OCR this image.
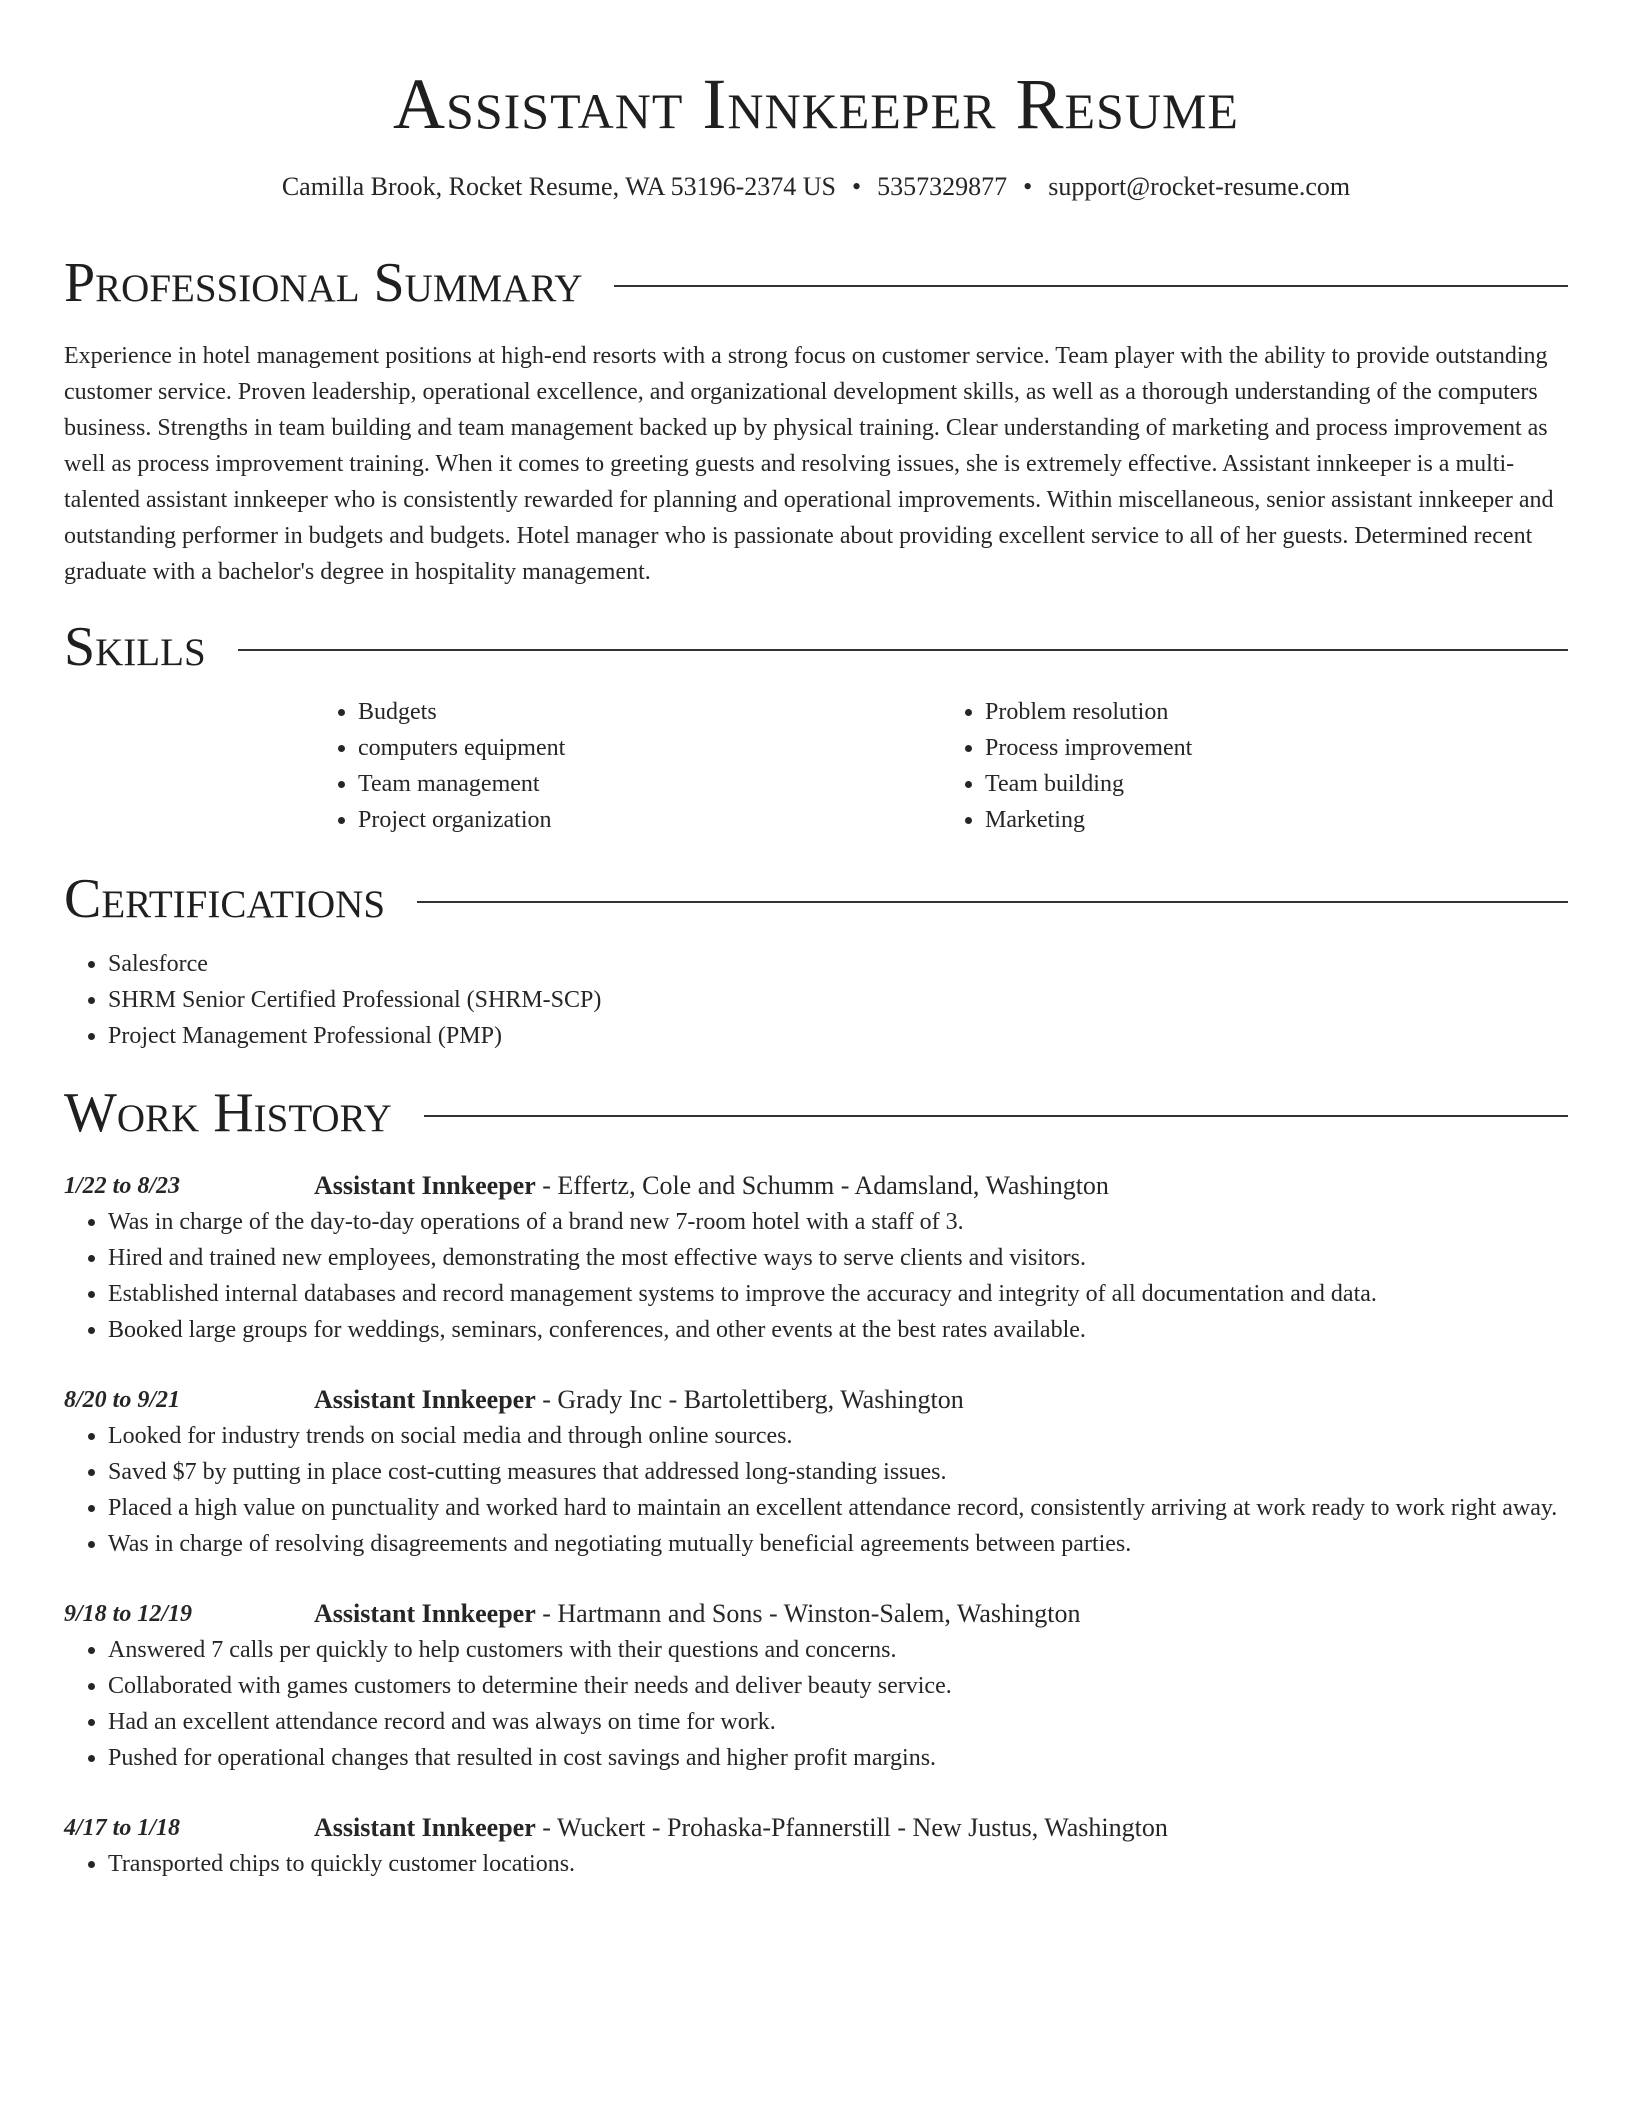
Assistant Innkeeper Resume
Camilla Brook, Rocket Resume, WA 53196-2374 US • 5357329877 • support@rocket-resume.com
Professional Summary

Experience in hotel management positions at high-end resorts with a strong focus on customer service. Team player with the ability to provide outstanding customer service. Proven leadership, operational excellence, and organizational development skills, as well as a thorough understanding of the computers business. Strengths in team building and team management backed up by physical training. Clear understanding of marketing and process improvement as well as process improvement training. When it comes to greeting guests and resolving issues, she is extremely effective. Assistant innkeeper is a multi-talented assistant innkeeper who is consistently rewarded for planning and operational improvements. Within miscellaneous, senior assistant innkeeper and outstanding performer in budgets and budgets. Hotel manager who is passionate about providing excellent service to all of her guests. Determined recent graduate with a bachelor's degree in hospitality management.

Skills
• Budgets
• computers equipment
• Team management
• Project organization
• Problem resolution
• Process improvement
• Team building
• Marketing
Certifications
• Salesforce
• SHRM Senior Certified Professional (SHRM-SCP)
• Project Management Professional (PMP)
Work History
1/22 to 8/23	Assistant Innkeeper - Effertz, Cole and Schumm - Adamsland, Washington
• Was in charge of the day-to-day operations of a brand new 7-room hotel with a staff of 3.
• Hired and trained new employees, demonstrating the most effective ways to serve clients and visitors.
• Established internal databases and record management systems to improve the accuracy and integrity of all documentation and data.
• Booked large groups for weddings, seminars, conferences, and other events at the best rates available.
8/20 to 9/21	Assistant Innkeeper - Grady Inc - Bartolettiberg, Washington
• Looked for industry trends on social media and through online sources.
• Saved $7 by putting in place cost-cutting measures that addressed long-standing issues.
• Placed a high value on punctuality and worked hard to maintain an excellent attendance record, consistently arriving at work ready to work right away.
• Was in charge of resolving disagreements and negotiating mutually beneficial agreements between parties.
9/18 to 12/19	Assistant Innkeeper - Hartmann and Sons - Winston-Salem, Washington
• Answered 7 calls per quickly to help customers with their questions and concerns.
• Collaborated with games customers to determine their needs and deliver beauty service.
• Had an excellent attendance record and was always on time for work.
• Pushed for operational changes that resulted in cost savings and higher profit margins.
4/17 to 1/18	Assistant Innkeeper - Wuckert - Prohaska-Pfannerstill - New Justus, Washington
• Transported chips to quickly customer locations.
